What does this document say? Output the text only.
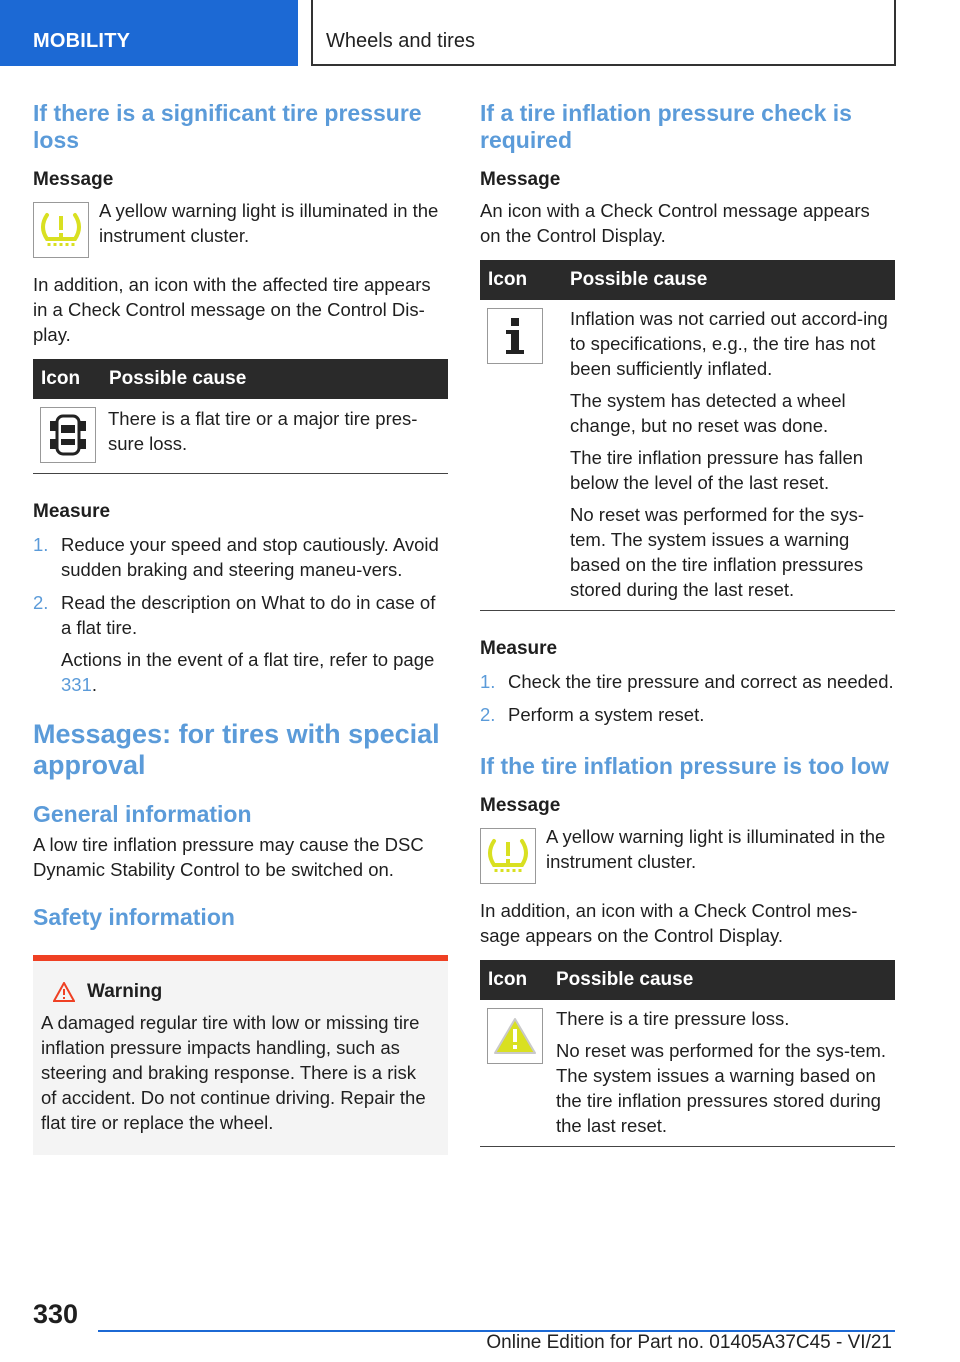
MOBILITY	Wheels and tires
If there is a significant tire pressure loss
Message
A yellow warning light is illuminated in the instrument cluster.
In addition, an icon with the affected tire appears in a Check Control message on the Control Dis-play.
Icon	Possible cause
There is a flat tire or a major tire pres-sure loss.
Measure
1. Reduce your speed and stop cautiously. Avoid sudden braking and steering maneu-vers.
2. Read the description on What to do in case of a flat tire.
Actions in the event of a flat tire, refer to page 331.
Messages: for tires with special approval
General information
A low tire inflation pressure may cause the DSC Dynamic Stability Control to be switched on.
Safety information
Warning
A damaged regular tire with low or missing tire inflation pressure impacts handling, such as steering and braking response. There is a risk of accident. Do not continue driving. Repair the flat tire or replace the wheel.
If a tire inflation pressure check is required
Message
An icon with a Check Control message appears on the Control Display.
Icon	Possible cause
Inflation was not carried out accord-ing to specifications, e.g., the tire has not been sufficiently inflated.
The system has detected a wheel change, but no reset was done.
The tire inflation pressure has fallen below the level of the last reset.
No reset was performed for the sys-tem. The system issues a warning based on the tire inflation pressures stored during the last reset.
Measure
1. Check the tire pressure and correct as needed.
2. Perform a system reset.
If the tire inflation pressure is too low
Message
A yellow warning light is illuminated in the instrument cluster.
In addition, an icon with a Check Control mes-sage appears on the Control Display.
Icon	Possible cause
There is a tire pressure loss.
No reset was performed for the sys-tem. The system issues a warning based on the tire inflation pressures stored during the last reset.
330
Online Edition for Part no. 01405A37C45 - VI/21
